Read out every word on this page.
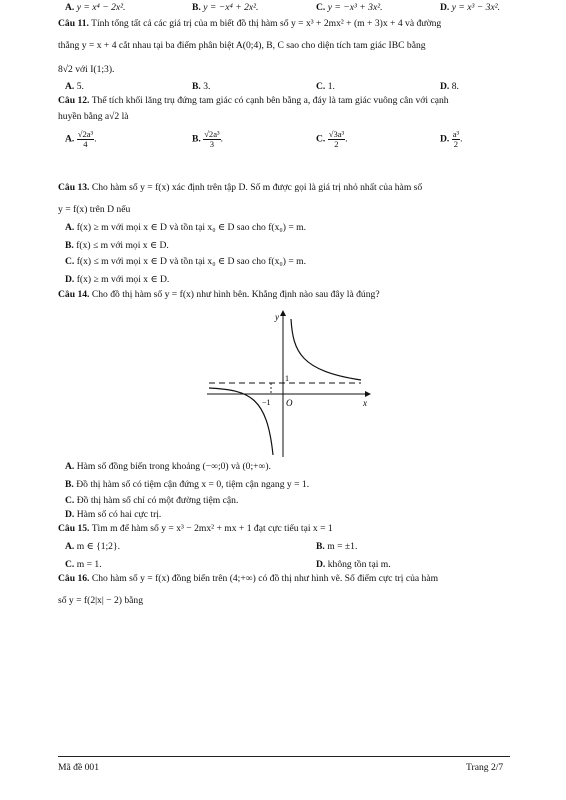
A. y = x⁴ − 2x².	B. y = −x⁴ + 2x².	C. y = −x³ + 3x².	D. y = x³ − 3x².
Câu 11. Tính tổng tất cả các giá trị của m biết đồ thị hàm số y = x³ + 2mx² + (m + 3)x + 4 và đường
thẳng y = x + 4 cắt nhau tại ba điểm phân biệt A(0;4), B, C sao cho diện tích tam giác IBC bằng
8√2 với I(1;3).
A. 5.	B. 3.	C. 1.	D. 8.
Câu 12. Thể tích khối lăng trụ đứng tam giác có cạnh bên bằng a, đáy là tam giác vuông cân với cạnh
huyền bằng a√2 là
A. $\frac{\text{√2a³}}{4}$ .	B. $\frac{\text{√2a³}}{3}$ .	C. $\frac{\text{√3a³}}{2}$ .	D. $\frac{\text{a³}}{2}$ .
Câu 13. Cho hàm số y = f(x) xác định trên tập D. Số m được gọi là giá trị nhỏ nhất của hàm số
y = f(x) trên D nếu
A. f(x) ≥ m với mọi x ∈ D và tồn tại x₀ ∈ D sao cho f(x₀) = m.
B. f(x) ≤ m với mọi x ∈ D.
C. f(x) ≤ m với mọi x ∈ D và tồn tại x₀ ∈ D sao cho f(x₀) = m.
D. f(x) ≥ m với mọi x ∈ D.
Câu 14. Cho đồ thị hàm số y = f(x) như hình bên. Khẳng định nào sau đây là đúng?
y
x
O
−1
1
A. Hàm số đồng biến trong khoảng (−∞;0) và (0;+∞).
B. Đồ thị hàm số có tiệm cận đứng x = 0, tiệm cận ngang y = 1.
C. Đồ thị hàm số chỉ có một đường tiệm cận.
D. Hàm số có hai cực trị.
Câu 15. Tìm m để hàm số y = x³ − 2mx² + mx + 1 đạt cực tiểu tại x = 1
A. m ∈ {1;2}.	B. m = ±1.
C. m = 1.	D. không tồn tại m.
Câu 16. Cho hàm số y = f(x) đồng biến trên (4;+∞) có đồ thị như hình vẽ. Số điểm cực trị của hàm
số y = f(2|x| − 2) bằng
Mã đề 001	Trang 2/7
